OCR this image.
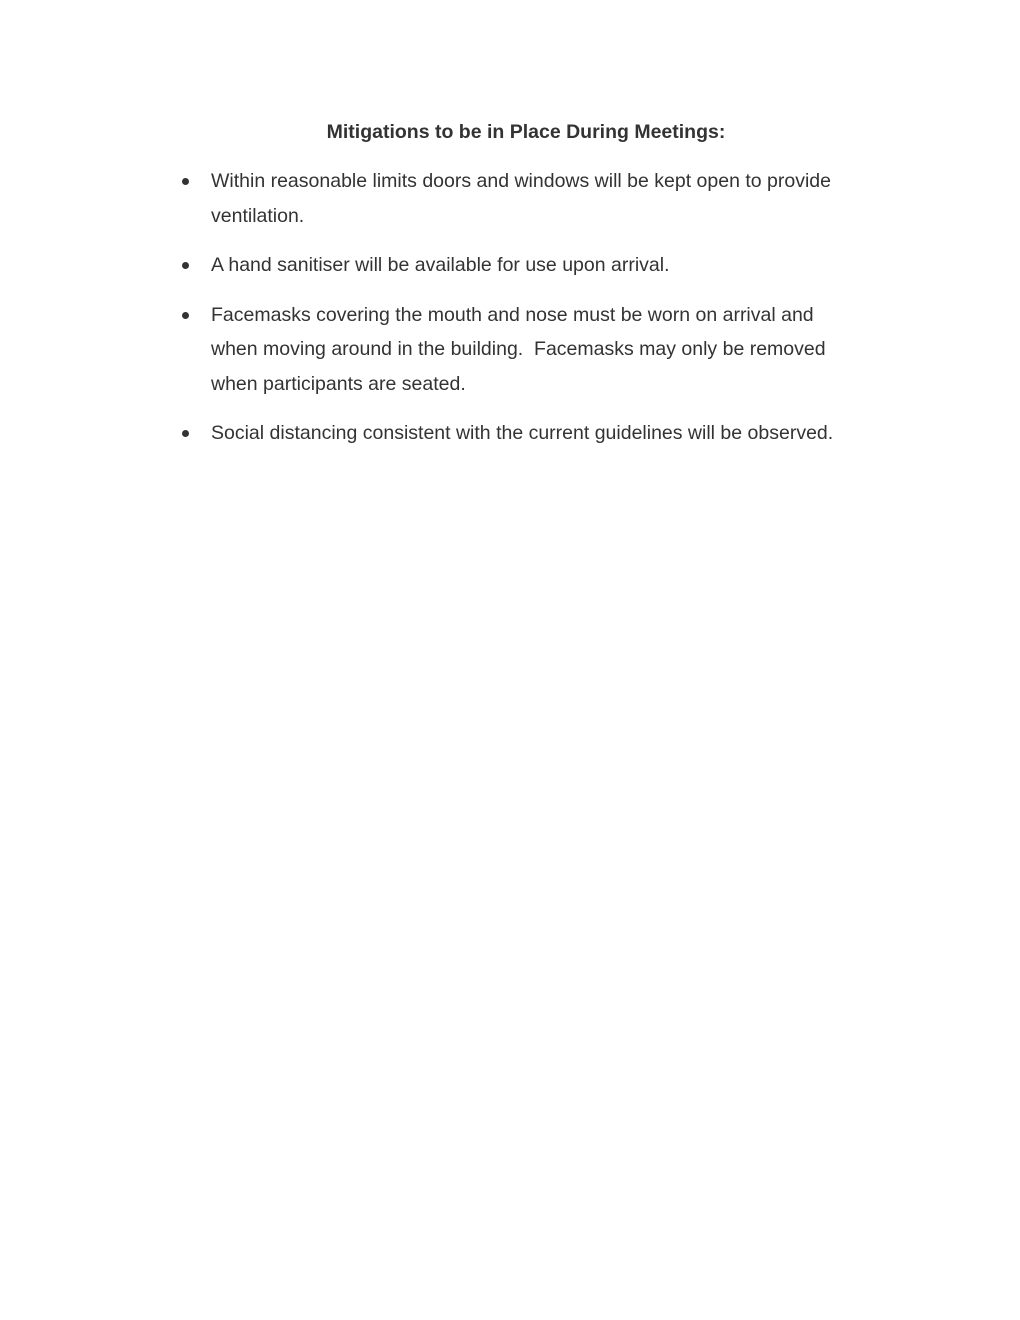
Mitigations to be in Place During Meetings:
Within reasonable limits doors and windows will be kept open to provide ventilation.
A hand sanitiser will be available for use upon arrival.
Facemasks covering the mouth and nose must be worn on arrival and when moving around in the building.  Facemasks may only be removed when participants are seated.
Social distancing consistent with the current guidelines will be observed.
